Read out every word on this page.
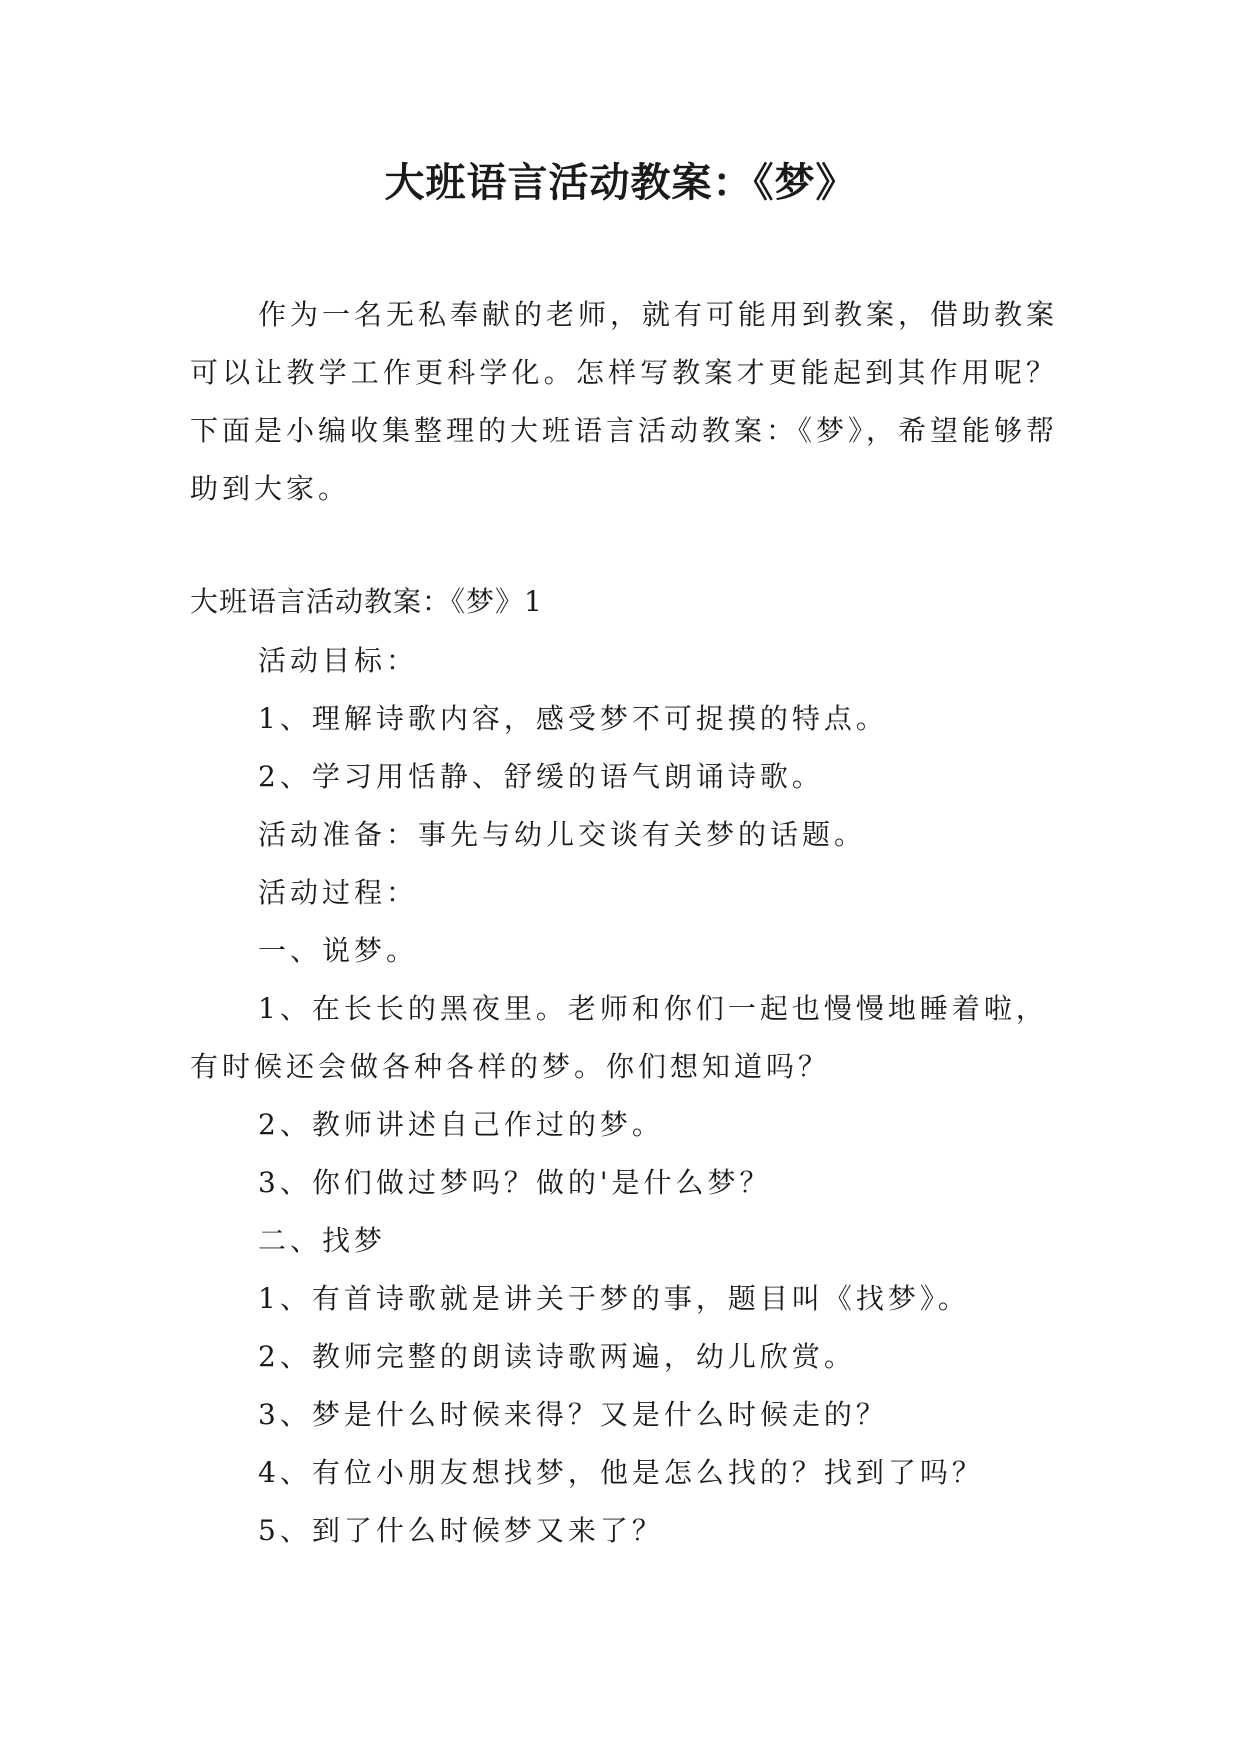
大班语言活动教案：《梦》

作为一名无私奉献的老师，就有可能用到教案，借助教案可以让教学工作更科学化。怎样写教案才更能起到其作用呢？下面是小编收集整理的大班语言活动教案：《梦》，希望能够帮助到大家。

大班语言活动教案：《梦》1

活动目标：
1、理解诗歌内容，感受梦不可捉摸的特点。
2、学习用恬静、舒缓的语气朗诵诗歌。
活动准备：事先与幼儿交谈有关梦的话题。
活动过程：
一、说梦。
1、在长长的黑夜里。老师和你们一起也慢慢地睡着啦，有时候还会做各种各样的梦。你们想知道吗？
2、教师讲述自己作过的梦。
3、你们做过梦吗？做的'是什么梦？
二、找梦
1、有首诗歌就是讲关于梦的事，题目叫《找梦》。
2、教师完整的朗读诗歌两遍，幼儿欣赏。
3、梦是什么时候来得？又是什么时候走的？
4、有位小朋友想找梦，他是怎么找的？找到了吗？
5、到了什么时候梦又来了？
